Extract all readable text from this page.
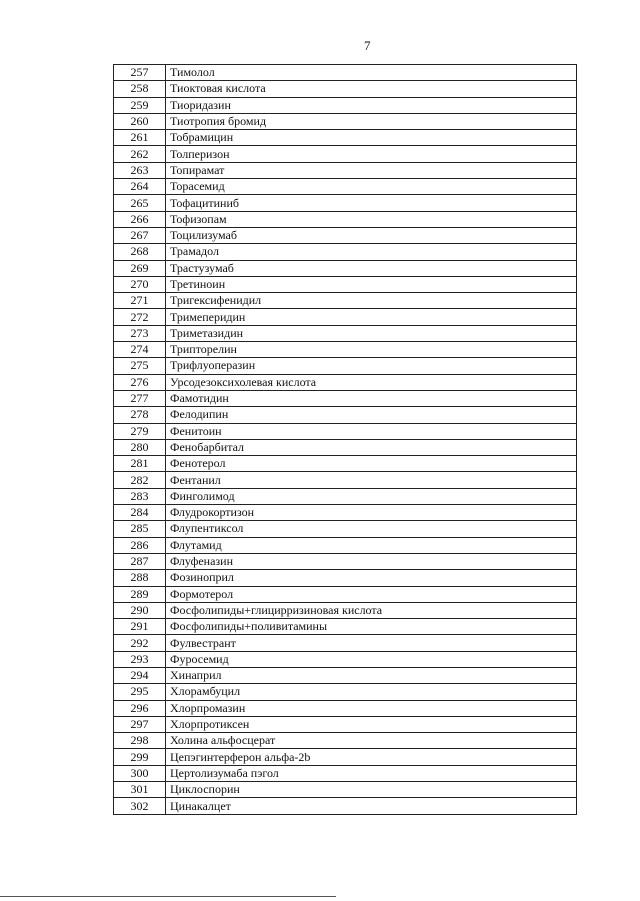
7
257	Тимолол
258	Тиоктовая кислота
259	Тиоридазин
260	Тиотропия бромид
261	Тобрамицин
262	Толперизон
263	Топирамат
264	Торасемид
265	Тофацитиниб
266	Тофизопам
267	Тоцилизумаб
268	Трамадол
269	Трастузумаб
270	Третиноин
271	Тригексифенидил
272	Тримеперидин
273	Триметазидин
274	Трипторелин
275	Трифлуоперазин
276	Урсодезоксихолевая кислота
277	Фамотидин
278	Фелодипин
279	Фенитоин
280	Фенобарбитал
281	Фенотерол
282	Фентанил
283	Финголимод
284	Флудрокортизон
285	Флупентиксол
286	Флутамид
287	Флуфеназин
288	Фозиноприл
289	Формотерол
290	Фосфолипиды+глицирризиновая кислота
291	Фосфолипиды+поливитамины
292	Фулвестрант
293	Фуросемид
294	Хинаприл
295	Хлорамбуцил
296	Хлорпромазин
297	Хлорпротиксен
298	Холина альфосцерат
299	Цепэгинтерферон альфа-2b
300	Цертолизумаба пэгол
301	Циклоспорин
302	Цинакалцет
